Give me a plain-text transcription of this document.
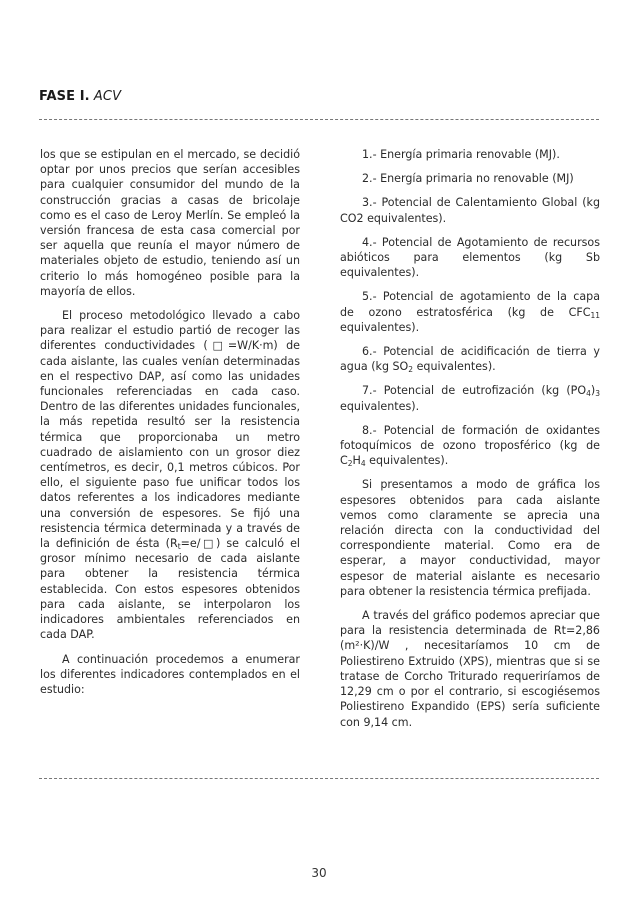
FASE I. ACV

los que se estipulan en el mercado, se decidió optar por unos precios que serían accesibles para cualquier consumidor del mundo de la construcción gracias a casas de bricolaje como es el caso de Leroy Merlín. Se empleó la versión francesa de esta casa comercial por ser aquella que reunía el mayor número de materiales objeto de estudio, teniendo así un criterio lo más homogéneo posible para la mayoría de ellos.

El proceso metodológico llevado a cabo para realizar el estudio partió de recoger las diferentes conductividades (□=W/K·m) de cada aislante, las cuales venían determinadas en el respectivo DAP, así como las unidades funcionales referenciadas en cada caso. Dentro de las diferentes unidades funcionales, la más repetida resultó ser la resistencia térmica que proporcionaba un metro cuadrado de aislamiento con un grosor diez centímetros, es decir, 0,1 metros cúbicos. Por ello, el siguiente paso fue unificar todos los datos referentes a los indicadores mediante una conversión de espesores. Se fijó una resistencia térmica determinada y a través de la definición de ésta $(R_t=e/□)$ se calculó el grosor mínimo necesario de cada aislante para obtener la resistencia térmica establecida. Con estos espesores obtenidos para cada aislante, se interpolaron los indicadores ambientales referenciados en cada DAP.

A continuación procedemos a enumerar los diferentes indicadores contemplados en el estudio:

1.- Energía primaria renovable (MJ).

2.- Energía primaria no renovable (MJ)

3.- Potencial de Calentamiento Global (kg CO2 equivalentes).

4.- Potencial de Agotamiento de recursos abióticos para elementos (kg Sb equivalentes).

5.- Potencial de agotamiento de la capa de ozono estratosférica (kg de $CFC_{11}$ equivalentes).

6.- Potencial de acidificación de tierra y agua (kg $SO_2$ equivalentes).

7.- Potencial de eutrofización (kg $(PO_4)_3$ equivalentes).

8.- Potencial de formación de oxidantes fotoquímicos de ozono troposférico (kg de $C_2H_4$ equivalentes).

Si presentamos a modo de gráfica los espesores obtenidos para cada aislante vemos como claramente se aprecia una relación directa con la conductividad del correspondiente material. Como era de esperar, a mayor conductividad, mayor espesor de material aislante es necesario para obtener la resistencia térmica prefijada.

A través del gráfico podemos apreciar que para la resistencia determinada de Rt=2,86 (m²·K)/W , necesitaríamos 10 cm de Poliestireno Extruido (XPS), mientras que si se tratase de Corcho Triturado requeriríamos de 12,29 cm o por el contrario, si escogiésemos Poliestireno Expandido (EPS) sería suficiente con 9,14 cm.

30
